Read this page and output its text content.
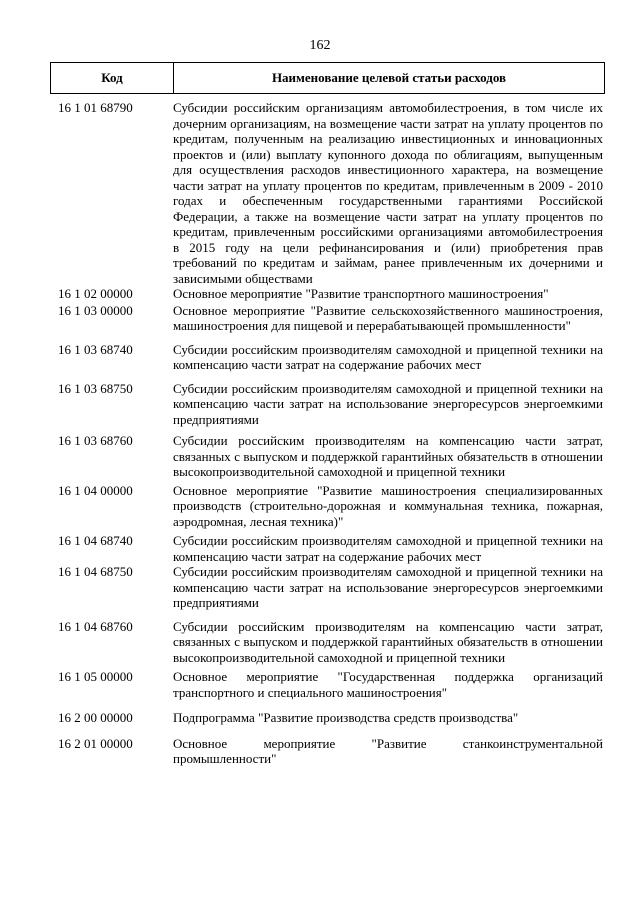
162
Код	Наименование целевой статьи расходов
16 1 01 68790	Субсидии российским организациям автомобилестроения, в том числе их дочерним организациям, на возмещение части затрат на уплату процентов по кредитам, полученным на реализацию инвестиционных и инновационных проектов и (или) выплату купонного дохода по облигациям, выпущенным для осуществления расходов инвестиционного характера, на возмещение части затрат на уплату процентов по кредитам, привлеченным в 2009 - 2010 годах и обеспеченным государственными гарантиями Российской Федерации, а также на возмещение части затрат на уплату процентов по кредитам, привлеченным российскими организациями автомобилестроения в 2015 году на цели рефинансирования и (или) приобретения прав требований по кредитам и займам, ранее привлеченным их дочерними и зависимыми обществами
16 1 02 00000	Основное мероприятие "Развитие транспортного машиностроения"
16 1 03 00000	Основное мероприятие "Развитие сельскохозяйственного машиностроения, машиностроения для пищевой и перерабатывающей промышленности"
16 1 03 68740	Субсидии российским производителям самоходной и прицепной техники на компенсацию части затрат на содержание рабочих мест
16 1 03 68750	Субсидии российским производителям самоходной и прицепной техники на компенсацию части затрат на использование энергоресурсов энергоемкими предприятиями
16 1 03 68760	Субсидии российским производителям на компенсацию части затрат, связанных с выпуском и поддержкой гарантийных обязательств в отношении высокопроизводительной самоходной и прицепной техники
16 1 04 00000	Основное мероприятие "Развитие машиностроения специализированных производств (строительно-дорожная и коммунальная техника, пожарная, аэродромная, лесная техника)"
16 1 04 68740	Субсидии российским производителям самоходной и прицепной техники на компенсацию части затрат на содержание рабочих мест
16 1 04 68750	Субсидии российским производителям самоходной и прицепной техники на компенсацию части затрат на использование энергоресурсов энергоемкими предприятиями
16 1 04 68760	Субсидии российским производителям на компенсацию части затрат, связанных с выпуском и поддержкой гарантийных обязательств в отношении высокопроизводительной самоходной и прицепной техники
16 1 05 00000	Основное мероприятие "Государственная поддержка организаций транспортного и специального машиностроения"
16 2 00 00000	Подпрограмма "Развитие производства средств производства"
16 2 01 00000	Основное мероприятие "Развитие станкоинструментальной промышленности"
